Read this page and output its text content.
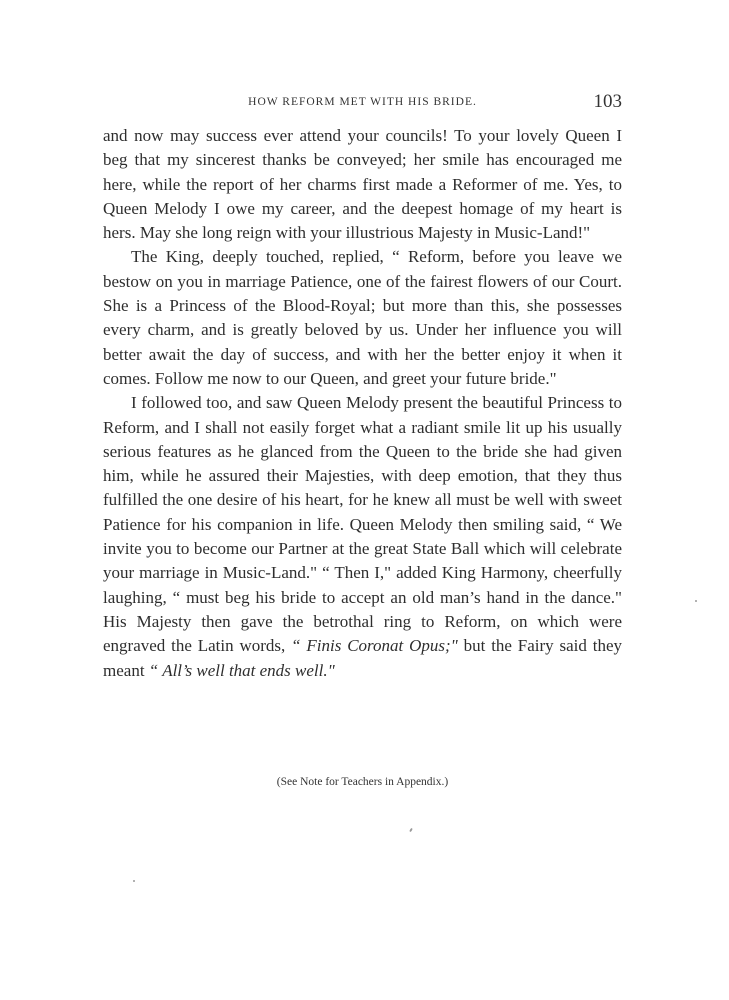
HOW REFORM MET WITH HIS BRIDE.	103

and now may success ever attend your councils! To your lovely Queen I beg that my sincerest thanks be conveyed; her smile has encouraged me here, while the report of her charms first made a Reformer of me. Yes, to Queen Melody I owe my career, and the deepest homage of my heart is hers. May she long reign with your illustrious Majesty in Music-Land!"

The King, deeply touched, replied, “ Reform, before you leave we bestow on you in marriage Patience, one of the fairest flowers of our Court. She is a Princess of the Blood-Royal; but more than this, she possesses every charm, and is greatly beloved by us. Under her influence you will better await the day of success, and with her the better enjoy it when it comes. Follow me now to our Queen, and greet your future bride."

I followed too, and saw Queen Melody present the beautiful Princess to Reform, and I shall not easily forget what a radiant smile lit up his usually serious features as he glanced from the Queen to the bride she had given him, while he assured their Majesties, with deep emotion, that they thus fulfilled the one desire of his heart, for he knew all must be well with sweet Patience for his companion in life. Queen Melody then smiling said, “ We invite you to become our Partner at the great State Ball which will celebrate your marriage in Music-Land." “ Then I," added King Harmony, cheerfully laughing, “ must beg his bride to accept an old man’s hand in the dance." His Majesty then gave the betrothal ring to Reform, on which were engraved the Latin words, “ Finis Coronat Opus;" but the Fairy said they meant “ All’s well that ends well."

(See Note for Teachers in Appendix.)
